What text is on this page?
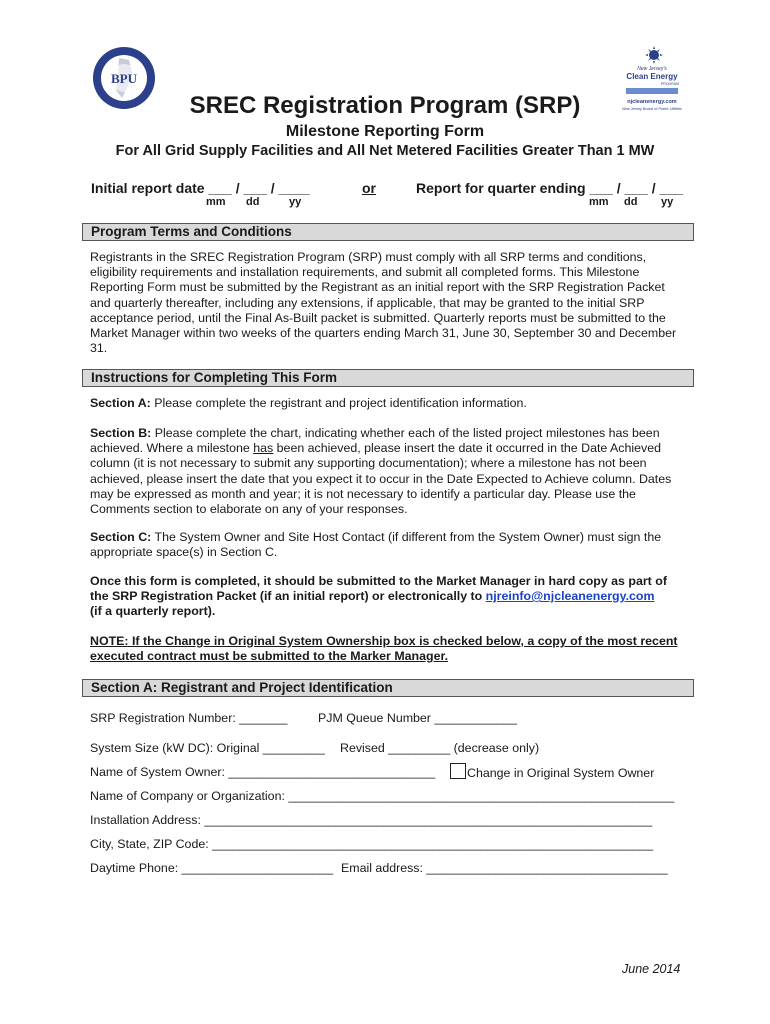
BPU
New Jersey's
Clean Energy
PROGRAM
njcleanenergy.com
New Jersey Board of Public Utilities
SREC Registration Program (SRP)
Milestone Reporting Form
For All Grid Supply Facilities and All Net Metered Facilities Greater Than 1 MW
Initial report date ___ / ___ / ____	or	Report for quarter ending ___ / ___ / ___
mm dd	yy	mm dd yy
Program Terms and Conditions
Registrants in the SREC Registration Program (SRP) must comply with all SRP terms and conditions, eligibility requirements and installation requirements, and submit all completed forms. This Milestone Reporting Form must be submitted by the Registrant as an initial report with the SRP Registration Packet and quarterly thereafter, including any extensions, if applicable, that may be granted to the initial SRP acceptance period, until the Final As-Built packet is submitted. Quarterly reports must be submitted to the Market Manager within two weeks of the quarters ending March 31, June 30, September 30 and December 31.
Instructions for Completing This Form
Section A: Please complete the registrant and project identification information.
Section B: Please complete the chart, indicating whether each of the listed project milestones has been achieved. Where a milestone has been achieved, please insert the date it occurred in the Date Achieved column (it is not necessary to submit any supporting documentation); where a milestone has not been achieved, please insert the date that you expect it to occur in the Date Expected to Achieve column. Dates may be expressed as month and year; it is not necessary to identify a particular day. Please use the Comments section to elaborate on any of your responses.
Section C: The System Owner and Site Host Contact (if different from the System Owner) must sign the appropriate space(s) in Section C.
Once this form is completed, it should be submitted to the Market Manager in hard copy as part of the SRP Registration Packet (if an initial report) or electronically to njreinfo@njcleanenergy.com
(if a quarterly report).
NOTE: If the Change in Original System Ownership box is checked below, a copy of the most recent executed contract must be submitted to the Marker Manager.
Section A: Registrant and Project Identification
SRP Registration Number: _______ PJM Queue Number ____________
System Size (kW DC): Original _________ Revised _________ (decrease only)
Name of System Owner: ______________________________	Change in Original System Owner
Name of Company or Organization: ________________________________________________________
Installation Address: _________________________________________________________________
City, State, ZIP Code: ________________________________________________________________
Daytime Phone: ______________________ Email address: ___________________________________
June 2014
